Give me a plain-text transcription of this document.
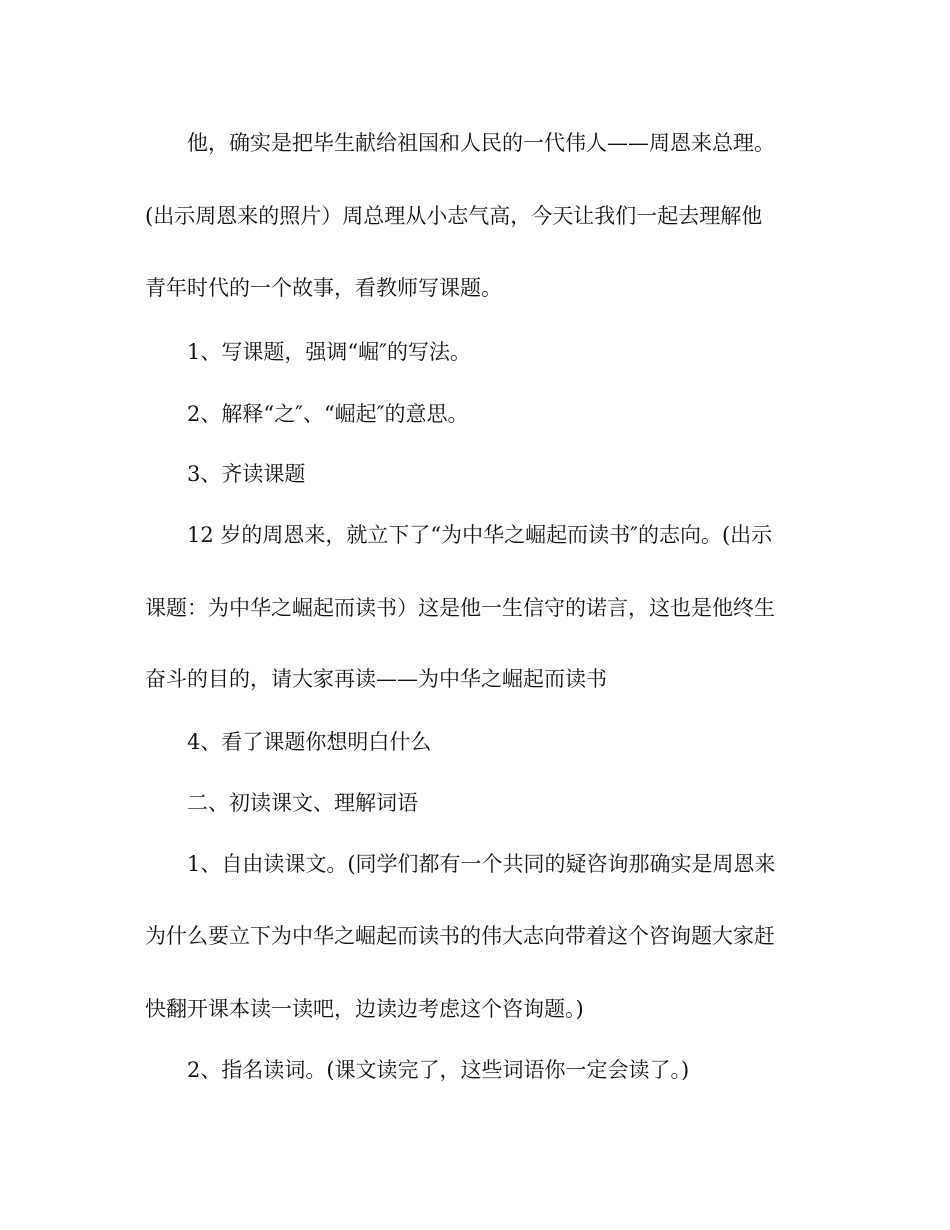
他，确实是把毕生献给祖国和人民的一代伟人——周恩来总理。
(出示周恩来的照片）周总理从小志气高，今天让我们一起去理解他
青年时代的一个故事，看教师写课题。
1、写课题，强调“崛″的写法。
2、解释“之″、“崛起″的意思。
3、齐读课题
12 岁的周恩来，就立下了“为中华之崛起而读书″的志向。(出示
课题：为中华之崛起而读书）这是他一生信守的诺言，这也是他终生
奋斗的目的，请大家再读——为中华之崛起而读书
4、看了课题你想明白什么
二、初读课文、理解词语
1、自由读课文。(同学们都有一个共同的疑咨询那确实是周恩来
为什么要立下为中华之崛起而读书的伟大志向带着这个咨询题大家赶
快翻开课本读一读吧，边读边考虑这个咨询题。)
2、指名读词。(课文读完了，这些词语你一定会读了。)
